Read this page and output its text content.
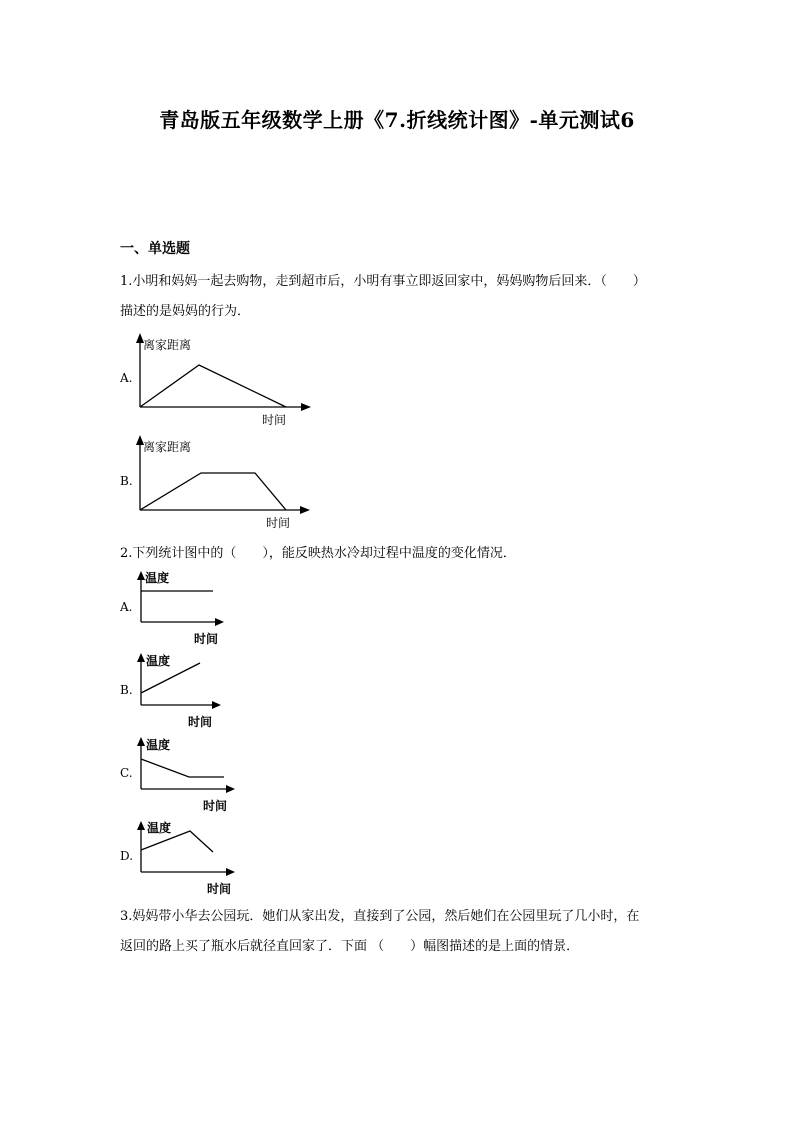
青岛版五年级数学上册《7.折线统计图》-单元测试6
一、单选题
1.小明和妈妈一起去购物，走到超市后，小明有事立即返回家中，妈妈购物后回来．（　　）
描述的是妈妈的行为．
A.
离家距离
时间
B.
离家距离
时间
2.下列统计图中的（　　），能反映热水冷却过程中温度的变化情况．
A.
温度
时间
B.
温度
时间
C.
温度
时间
D.
温度
时间
3.妈妈带小华去公园玩．她们从家出发，直接到了公园，然后她们在公园里玩了几小时，在
返回的路上买了瓶水后就径直回家了．下面 （　　）幅图描述的是上面的情景．
